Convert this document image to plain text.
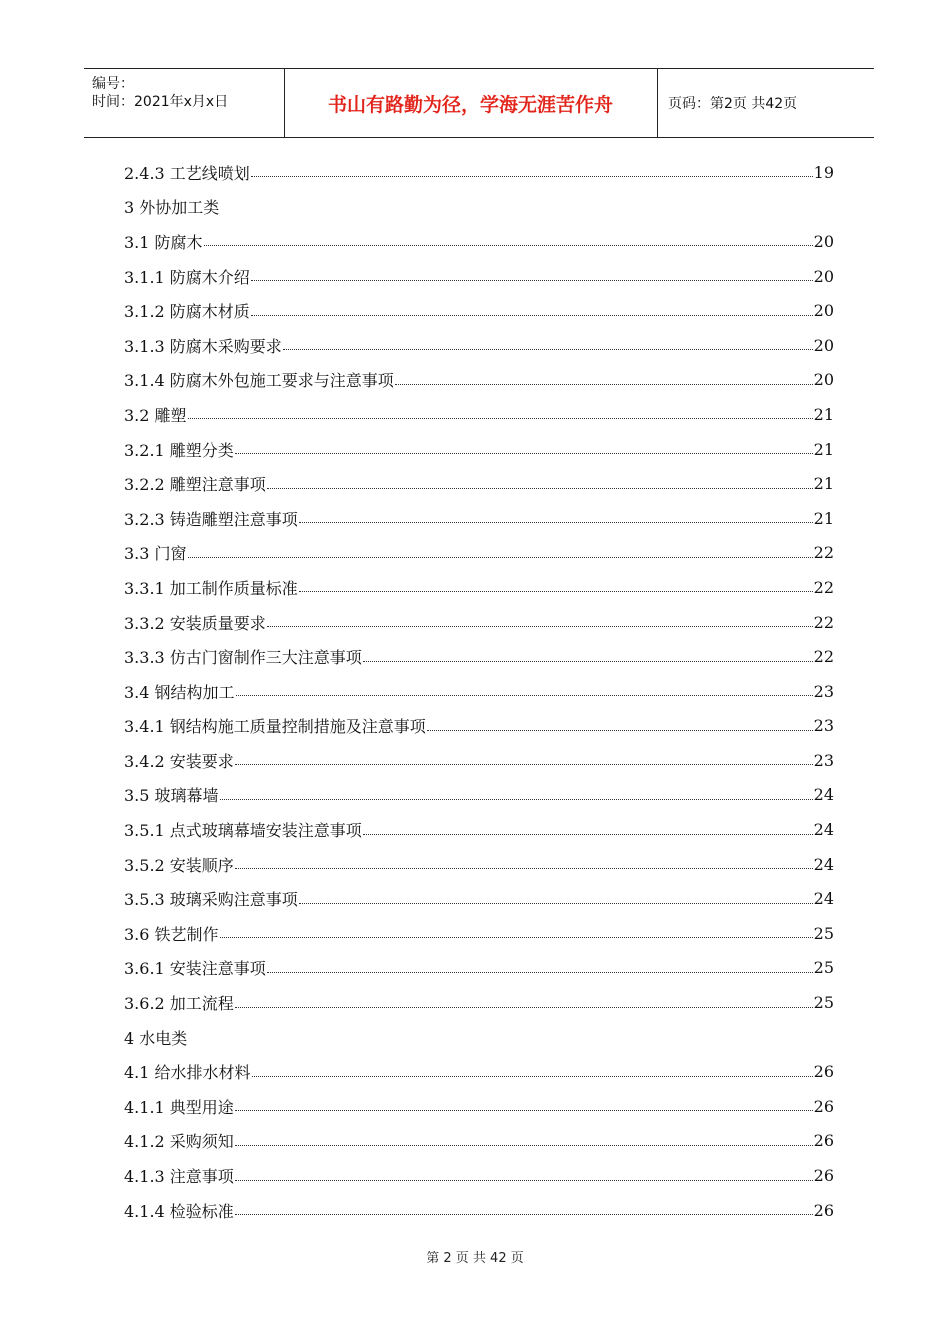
编号：
时间：2021年x月x日	书山有路勤为径，学海无涯苦作舟	页码：第2页 共42页
2.4.3 工艺线喷划	19
3 外协加工类
3.1 防腐木	20
3.1.1 防腐木介绍	20
3.1.2 防腐木材质	20
3.1.3 防腐木采购要求	20
3.1.4 防腐木外包施工要求与注意事项	20
3.2 雕塑	21
3.2.1 雕塑分类	21
3.2.2 雕塑注意事项	21
3.2.3 铸造雕塑注意事项	21
3.3 门窗	22
3.3.1 加工制作质量标准	22
3.3.2 安装质量要求	22
3.3.3 仿古门窗制作三大注意事项	22
3.4 钢结构加工	23
3.4.1 钢结构施工质量控制措施及注意事项	23
3.4.2 安装要求	23
3.5 玻璃幕墙	24
3.5.1 点式玻璃幕墙安装注意事项	24
3.5.2 安装顺序	24
3.5.3 玻璃采购注意事项	24
3.6 铁艺制作	25
3.6.1 安装注意事项	25
3.6.2 加工流程	25
4 水电类
4.1 给水排水材料	26
4.1.1 典型用途	26
4.1.2 采购须知	26
4.1.3 注意事项	26
4.1.4 检验标准	26
第 2 页 共 42 页
